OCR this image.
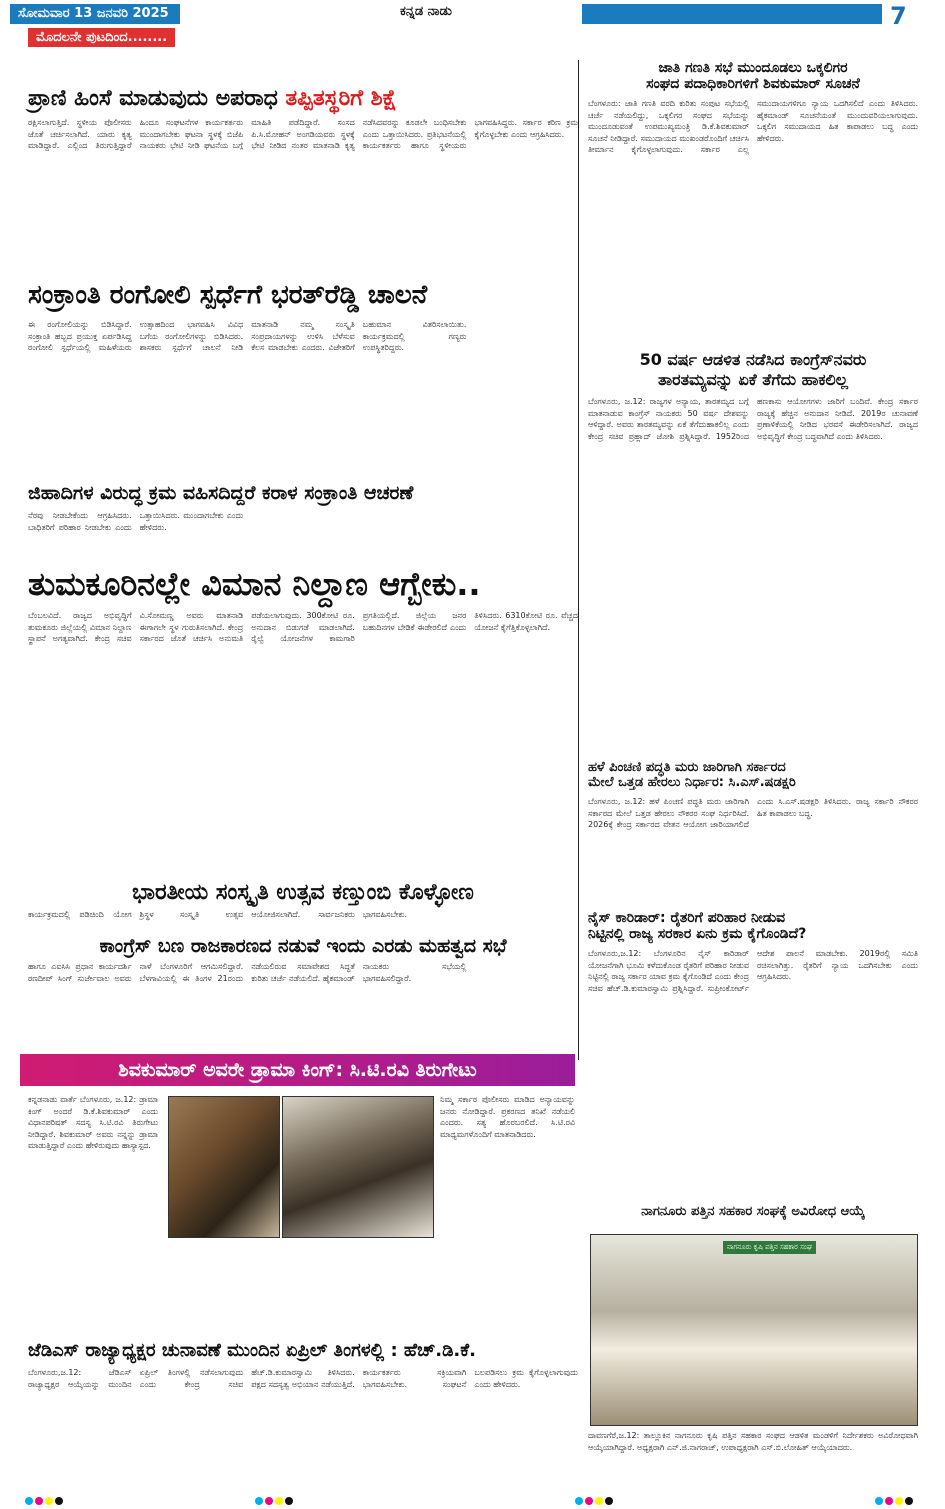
ಸೋಮವಾರ 13 ಜನವರಿ 2025	ಕನ್ನಡ ನಾಡು	7
ಮೊದಲನೇ ಪುಟದಿಂದ........
ಪ್ರಾಣಿ ಹಿಂಸೆ ಮಾಡುವುದು ಅಪರಾಧ ತಪ್ಪಿತಸ್ಥರಿಗೆ ಶಿಕ್ಷೆ
ರಕ್ಷಿಸಲಾಗುತ್ತಿದೆ. ಸ್ಥಳೀಯ ಪೊಲೀಸರು ಜೊತೆ ಚರ್ಚಿಸಲಾಗಿದೆ. ಯಾರು ಕೃತ್ಯ ಮಾಡಿದ್ದಾರೆ. ಎಲ್ಲಿಂದ ತಿರುಗುತ್ತಿದ್ದಾರೆ ಹಿಂದೂ ಸಂಘಟನೆಗಳ ಕಾರ್ಯಕರ್ತರು ಮುಂದಾಗಬೇಕು ಘಟನಾ ಸ್ಥಳಕ್ಕೆ ಬಿಜೆಪಿ ನಾಯಕರು ಭೇಟಿ ನೀಡಿ ಘಟನೆಯ ಬಗ್ಗೆ ಮಾಹಿತಿ ಪಡೆದಿದ್ದಾರೆ. ಸಂಸದ ಪಿ.ಸಿ.ಮೋಹನ್ ಅಂಗಡಿಯವರು ಸ್ಥಳಕ್ಕೆ ಭೇಟಿ ನೀಡಿದ ನಂತರ ಮಾತನಾಡಿ ಕೃತ್ಯ ನಡೆಸಿದವರನ್ನು ಕೂಡಲೇ ಬಂಧಿಸಬೇಕು ಎಂದು ಒತ್ತಾಯಿಸಿದರು. ಪ್ರತಿಭಟನೆಯಲ್ಲಿ ಕಾರ್ಯಕರ್ತರು ಹಾಗೂ ಸ್ಥಳೀಯರು ಭಾಗವಹಿಸಿದ್ದರು. ಸರ್ಕಾರ ಕಠಿಣ ಕ್ರಮ ಕೈಗೊಳ್ಳಬೇಕು ಎಂದು ಆಗ್ರಹಿಸಿದರು.
ಸಂಕ್ರಾಂತಿ ರಂಗೋಲಿ ಸ್ಪರ್ಧೆಗೆ ಭರತ್‌ರೆಡ್ಡಿ ಚಾಲನೆ
ಈ ರಂಗೋಲಿಯನ್ನು ಬಿಡಿಸಿದ್ದಾರೆ. ಸಂಕ್ರಾಂತಿ ಹಬ್ಬದ ಪ್ರಯುಕ್ತ ಏರ್ಪಡಿಸಿದ್ದ ರಂಗೋಲಿ ಸ್ಪರ್ಧೆಯಲ್ಲಿ ಮಹಿಳೆಯರು ಉತ್ಸಾಹದಿಂದ ಭಾಗವಹಿಸಿ ವಿವಿಧ ಬಗೆಯ ರಂಗೋಲಿಗಳನ್ನು ಬಿಡಿಸಿದರು. ಶಾಸಕರು ಸ್ಪರ್ಧೆಗೆ ಚಾಲನೆ ನೀಡಿ ಮಾತನಾಡಿ ನಮ್ಮ ಸಂಸ್ಕೃತಿ ಸಂಪ್ರದಾಯಗಳನ್ನು ಉಳಿಸಿ ಬೆಳೆಸುವ ಕೆಲಸ ಮಾಡಬೇಕು ಎಂದರು. ವಿಜೇತರಿಗೆ ಬಹುಮಾನ ವಿತರಿಸಲಾಯಿತು. ಕಾರ್ಯಕ್ರಮದಲ್ಲಿ ಗಣ್ಯರು ಉಪಸ್ಥಿತರಿದ್ದರು.
ಜಿಹಾದಿಗಳ ವಿರುದ್ಧ ಕ್ರಮ ವಹಿಸದಿದ್ದರೆ ಕರಾಳ ಸಂಕ್ರಾಂತಿ ಆಚರಣೆ
ನೆರವು ನೀಡಬೇಕೆಂದು ಆಗ್ರಹಿಸಿದರು. ಬಾಧಿತರಿಗೆ ಪರಿಹಾರ ನೀಡಬೇಕು ಎಂದು ಒತ್ತಾಯಿಸಿದರು. ಮುಂದಾಗಬೇಕು ಎಂದು ಹೇಳಿದರು.
ತುಮಕೂರಿನಲ್ಲೇ ವಿಮಾನ ನಿಲ್ದಾಣ ಆಗ್ಬೇಕು..
ಬೆಂಬಲವಿದೆ. ರಾಜ್ಯದ ಅಭಿವೃದ್ಧಿಗೆ ತುಮಕೂರು ಜಿಲ್ಲೆಯಲ್ಲಿ ವಿಮಾನ ನಿಲ್ದಾಣ ಸ್ಥಾಪನೆ ಅಗತ್ಯವಾಗಿದೆ. ಕೇಂದ್ರ ಸಚಿವ ವಿ.ಸೋಮಣ್ಣ ಅವರು ಮಾತನಾಡಿ ಈಗಾಗಲೇ ಸ್ಥಳ ಗುರುತಿಸಲಾಗಿದೆ. ಕೇಂದ್ರ ಸರ್ಕಾರದ ಜೊತೆ ಚರ್ಚಿಸಿ ಅನುಮತಿ ಪಡೆಯಲಾಗುವುದು. 300ಕೋಟಿ ರೂ. ಅನುದಾನ ಬಿಡುಗಡೆ ಮಾಡಲಾಗಿದೆ. ರೈಲ್ವೆ ಯೋಜನೆಗಳ ಕಾಮಗಾರಿ ಪ್ರಗತಿಯಲ್ಲಿದೆ. ಜಿಲ್ಲೆಯ ಜನರ ಬಹುದಿನಗಳ ಬೇಡಿಕೆ ಈಡೇರಲಿದೆ ಎಂದು ತಿಳಿಸಿದರು. 6310ಕೋಟಿ ರೂ. ವೆಚ್ಚದ ಯೋಜನೆ ಕೈಗೆತ್ತಿಕೊಳ್ಳಲಾಗಿದೆ.
ಭಾರತೀಯ ಸಂಸ್ಕೃತಿ ಉತ್ಸವ ಕಣ್ತುಂಬಿ ಕೊಳ್ಳೋಣ
ಕಾರ್ಯಕ್ರಮದಲ್ಲಿ ಪಡಿಚಿಂದಿ ಯೋಗ ಶ್ರಿಸ್ಥಳ ಸಂಸ್ಕೃತಿ ಉತ್ಸವ ಆಯೋಜಿಸಲಾಗಿದೆ. ಸಾರ್ವಜನಿಕರು ಭಾಗವಹಿಸಬೇಕು.
ಕಾಂಗ್ರೆಸ್ ಬಣ ರಾಜಕಾರಣದ ನಡುವೆ ಇಂದು ಎರಡು ಮಹತ್ವದ ಸಭೆ
ಹಾಗೂ ಎಐಸಿಸಿ ಪ್ರಧಾನ ಕಾರ್ಯದರ್ಶಿ ರಣದೀಪ್ ಸಿಂಗ್ ಸುರ್ಜೇವಾಲ ಅವರು ನಾಳೆ ಬೆಂಗಳೂರಿಗೆ ಆಗಮಿಸಲಿದ್ದಾರೆ. ಬೆಳಗಾವಿಯಲ್ಲಿ ಈ ತಿಂಗಳ 21ರಂದು ನಡೆಯಲಿರುವ ಸಮಾವೇಶದ ಸಿದ್ಧತೆ ಕುರಿತು ಚರ್ಚೆ ನಡೆಯಲಿದೆ. ಹೈಕಮಾಂಡ್ ನಾಯಕರು ಸಭೆಯಲ್ಲಿ ಭಾಗವಹಿಸಲಿದ್ದಾರೆ.
ಶಿವಕುಮಾರ್ ಅವರೇ ಡ್ರಾಮಾ ಕಿಂಗ್: ಸಿ.ಟಿ.ರವಿ ತಿರುಗೇಟು
ಕನ್ನಡನಾಡು ವಾರ್ತೆ ಬೆಂಗಳೂರು, ಜ.12: ಡ್ರಾಮಾ ಕಿಂಗ್ ಅಂದರೆ ಡಿ.ಕೆ.ಶಿವಕುಮಾರ್ ಎಂದು ವಿಧಾನಪರಿಷತ್ ಸದಸ್ಯ ಸಿ.ಟಿ.ರವಿ ತಿರುಗೇಟು ನೀಡಿದ್ದಾರೆ. ಶಿವಕುಮಾರ್ ಅವರು ನನ್ನನ್ನು ಡ್ರಾಮಾ ಮಾಡುತ್ತಿದ್ದಾರೆ ಎಂದು ಹೇಳಿರುವುದು ಹಾಸ್ಯಾಸ್ಪದ.
ನಿಮ್ಮ ಸರ್ಕಾರ ಪೊಲೀಸರು ಮಾಡಿದ ಅನ್ಯಾಯವನ್ನು ಜನರು ನೋಡಿದ್ದಾರೆ. ಪ್ರಕರಣದ ತನಿಖೆ ನಡೆಯಲಿ ಎಂದರು. ಸತ್ಯ ಹೊರಬರಲಿದೆ. ಸಿ.ಟಿ.ರವಿ ಮಾಧ್ಯಮಗಳೊಂದಿಗೆ ಮಾತನಾಡಿದರು.
ಜೆಡಿಎಸ್ ರಾಜ್ಯಾಧ್ಯಕ್ಷರ ಚುನಾವಣೆ ಮುಂದಿನ ಏಪ್ರಿಲ್ ತಿಂಗಳಲ್ಲಿ : ಹೆಚ್.ಡಿ.ಕೆ.
ಬೆಂಗಳೂರು,ಜ.12: ಜೆಡಿಎಸ್ ರಾಜ್ಯಾಧ್ಯಕ್ಷರ ಆಯ್ಕೆಯನ್ನು ಮುಂದಿನ ಏಪ್ರಿಲ್ ತಿಂಗಳಲ್ಲಿ ನಡೆಸಲಾಗುವುದು ಎಂದು ಕೇಂದ್ರ ಸಚಿವ ಹೆಚ್.ಡಿ.ಕುಮಾರಸ್ವಾಮಿ ತಿಳಿಸಿದರು. ಪಕ್ಷದ ಸದಸ್ಯತ್ವ ಅಭಿಯಾನ ನಡೆಯುತ್ತಿದೆ. ಕಾರ್ಯಕರ್ತರು ಸಕ್ರಿಯವಾಗಿ ಭಾಗವಹಿಸಬೇಕು. ಸಂಘಟನೆ ಬಲಪಡಿಸಲು ಕ್ರಮ ಕೈಗೊಳ್ಳಲಾಗುವುದು ಎಂದು ಹೇಳಿದರು.
ಜಾತಿ ಗಣತಿ ಸಭೆ ಮುಂದೂಡಲು ಒಕ್ಕಲಿಗರ
ಸಂಘದ ಪದಾಧಿಕಾರಿಗಳಿಗೆ ಶಿವಕುಮಾರ್ ಸೂಚನೆ
ಬೆಂಗಳೂರು: ಜಾತಿ ಗಣತಿ ವರದಿ ಕುರಿತು ಸಂಪುಟ ಸಭೆಯಲ್ಲಿ ಚರ್ಚೆ ನಡೆಯಲಿದ್ದು, ಒಕ್ಕಲಿಗರ ಸಂಘದ ಸಭೆಯನ್ನು ಮುಂದೂಡುವಂತೆ ಉಪಮುಖ್ಯಮಂತ್ರಿ ಡಿ.ಕೆ.ಶಿವಕುಮಾರ್ ಸೂಚನೆ ನೀಡಿದ್ದಾರೆ. ಸಮುದಾಯದ ಮುಖಂಡರೊಂದಿಗೆ ಚರ್ಚಿಸಿ ತೀರ್ಮಾನ ಕೈಗೊಳ್ಳಲಾಗುವುದು. ಸರ್ಕಾರ ಎಲ್ಲ ಸಮುದಾಯಗಳಿಗೂ ನ್ಯಾಯ ಒದಗಿಸಲಿದೆ ಎಂದು ತಿಳಿಸಿದರು. ಹೈಕಮಾಂಡ್ ಸೂಚನೆಯಂತೆ ಮುಂದುವರಿಯಲಾಗುವುದು. ಒಕ್ಕಲಿಗ ಸಮುದಾಯದ ಹಿತ ಕಾಪಾಡಲು ಬದ್ಧ ಎಂದು ಹೇಳಿದರು.
50 ವರ್ಷ ಆಡಳಿತ ನಡೆಸಿದ ಕಾಂಗ್ರೆಸ್‌ನವರು
ತಾರತಮ್ಯವನ್ನು ಏಕೆ ತೆಗೆದು ಹಾಕಲಿಲ್ಲ
ಬೆಂಗಳೂರು, ಜ.12: ರಾಜ್ಯಗಳ ಅನ್ಯಾಯ, ತಾರತಮ್ಯದ ಬಗ್ಗೆ ಮಾತನಾಡುವ ಕಾಂಗ್ರೆಸ್ ನಾಯಕರು 50 ವರ್ಷ ದೇಶವನ್ನು ಆಳಿದ್ದಾರೆ. ಅವರು ತಾರತಮ್ಯವನ್ನು ಏಕೆ ತೆಗೆದುಹಾಕಲಿಲ್ಲ ಎಂದು ಕೇಂದ್ರ ಸಚಿವ ಪ್ರಹ್ಲಾದ್ ಜೋಶಿ ಪ್ರಶ್ನಿಸಿದ್ದಾರೆ. 1952ರಿಂದ ಹಣಕಾಸು ಆಯೋಗಗಳು ಜಾರಿಗೆ ಬಂದಿವೆ. ಕೇಂದ್ರ ಸರ್ಕಾರ ರಾಜ್ಯಕ್ಕೆ ಹೆಚ್ಚಿನ ಅನುದಾನ ನೀಡಿದೆ. 2019ರ ಚುನಾವಣೆ ಪ್ರಣಾಳಿಕೆಯಲ್ಲಿ ನೀಡಿದ ಭರವಸೆ ಈಡೇರಿಸಲಾಗಿದೆ. ರಾಜ್ಯದ ಅಭಿವೃದ್ಧಿಗೆ ಕೇಂದ್ರ ಬದ್ಧವಾಗಿದೆ ಎಂದು ತಿಳಿಸಿದರು.
ಹಳೆ ಪಿಂಚಣಿ ಪದ್ಧತಿ ಮರು ಜಾರಿಗಾಗಿ ಸರ್ಕಾರದ
ಮೇಲೆ ಒತ್ತಡ ಹೇರಲು ನಿರ್ಧಾರ: ಸಿ.ಎಸ್.ಷಡಕ್ಷರಿ
ಬೆಂಗಳೂರು, ಜ.12: ಹಳೆ ಪಿಂಚಣಿ ಪದ್ಧತಿ ಮರು ಜಾರಿಗಾಗಿ ಸರ್ಕಾರದ ಮೇಲೆ ಒತ್ತಡ ಹೇರಲು ನೌಕರರ ಸಂಘ ನಿರ್ಧರಿಸಿದೆ. 2026ಕ್ಕೆ ಕೇಂದ್ರ ಸರ್ಕಾರದ ವೇತನ ಆಯೋಗ ಜಾರಿಯಾಗಲಿದೆ ಎಂದು ಸಿ.ಎಸ್.ಷಡಕ್ಷರಿ ತಿಳಿಸಿದರು. ರಾಜ್ಯ ಸರ್ಕಾರಿ ನೌಕರರ ಹಿತ ಕಾಪಾಡಲು ಬದ್ಧ.
ನೈಸ್ ಕಾರಿಡಾರ್: ರೈತರಿಗೆ ಪರಿಹಾರ ನೀಡುವ
ನಿಟ್ಟಿನಲ್ಲಿ ರಾಜ್ಯ ಸರಕಾರ ಏನು ಕ್ರಮ ಕೈಗೊಂಡಿದೆ?
ಬೆಂಗಳೂರು,ಜ.12: ಬೆಂಗಳೂರಿನ ನೈಸ್ ಕಾರಿಡಾರ್ ಯೋಜನೆಗಾಗಿ ಭೂಮಿ ಕಳೆದುಕೊಂಡ ರೈತರಿಗೆ ಪರಿಹಾರ ನೀಡುವ ನಿಟ್ಟಿನಲ್ಲಿ ರಾಜ್ಯ ಸರ್ಕಾರ ಯಾವ ಕ್ರಮ ಕೈಗೊಂಡಿದೆ ಎಂದು ಕೇಂದ್ರ ಸಚಿವ ಹೆಚ್.ಡಿ.ಕುಮಾರಸ್ವಾಮಿ ಪ್ರಶ್ನಿಸಿದ್ದಾರೆ. ಸುಪ್ರೀಂಕೋರ್ಟ್ ಆದೇಶ ಪಾಲನೆ ಮಾಡಬೇಕು. 2019ರಲ್ಲಿ ಸಮಿತಿ ರಚಿಸಲಾಗಿತ್ತು. ರೈತರಿಗೆ ನ್ಯಾಯ ಒದಗಿಸಬೇಕು ಎಂದು ಆಗ್ರಹಿಸಿದರು.
ನಾಗನೂರು ಪತ್ತಿನ ಸಹಕಾರ ಸಂಘಕ್ಕೆ ಅವಿರೋಧ ಆಯ್ಕೆ
ನಾಗನೂರು ಕೃಷಿ ಪತ್ತಿನ ಸಹಕಾರ ಸಂಘ
ದಾವಣಗೆರೆ,ಜ.12: ತಾಲ್ಲೂಕಿನ ನಾಗನೂರು ಕೃಷಿ ಪತ್ತಿನ ಸಹಕಾರ ಸಂಘದ ಆಡಳಿತ ಮಂಡಳಿಗೆ ನಿರ್ದೇಶಕರು ಅವಿರೋಧವಾಗಿ ಆಯ್ಕೆಯಾಗಿದ್ದಾರೆ. ಅಧ್ಯಕ್ಷರಾಗಿ ಎನ್.ಜಿ.ನಾಗರಾಜ್, ಉಪಾಧ್ಯಕ್ಷರಾಗಿ ಎಸ್.ಬಿ.ಲೋಹಿತ್ ಆಯ್ಕೆಯಾದರು.
